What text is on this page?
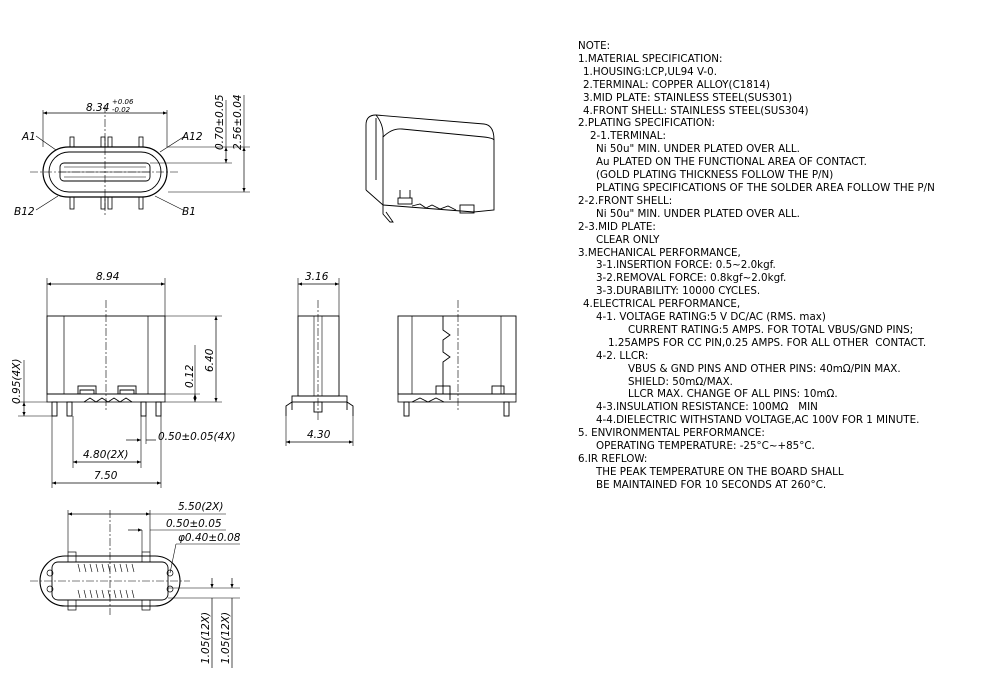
8.34 +0.06
-0.02	0.70±0.05 2.56±0.04
A1	A12
B12	B1
8.94
0.95(4X)	0.12
6.40
4.80(2X)
7.50
0.50±0.05(4X)
3.16
4.30
5.50(2X)
0.50±0.05
φ0.40±0.08
1.05(12X) 1.05(12X)
NOTE:
1.MATERIAL SPECIFICATION:
1.HOUSING:LCP,UL94 V-0.
2.TERMINAL: COPPER ALLOY(C1814)
3.MID PLATE: STAINLESS STEEL(SUS301)
4.FRONT SHELL: STAINLESS STEEL(SUS304)
2.PLATING SPECIFICATION:
2-1.TERMINAL:
Ni 50u" MIN. UNDER PLATED OVER ALL.
Au PLATED ON THE FUNCTIONAL AREA OF CONTACT.
(GOLD PLATING THICKNESS FOLLOW THE P/N)
PLATING SPECIFICATIONS OF THE SOLDER AREA FOLLOW THE P/N
2-2.FRONT SHELL:
Ni 50u" MIN. UNDER PLATED OVER ALL.
2-3.MID PLATE:
CLEAR ONLY
3.MECHANICAL PERFORMANCE,
3-1.INSERTION FORCE: 0.5~2.0kgf.
3-2.REMOVAL FORCE: 0.8kgf~2.0kgf.
3-3.DURABILITY: 10000 CYCLES.
4.ELECTRICAL PERFORMANCE,
4-1. VOLTAGE RATING:5 V DC/AC (RMS. max)
CURRENT RATING:5 AMPS. FOR TOTAL VBUS/GND PINS;
1.25AMPS FOR CC PIN,0.25 AMPS. FOR ALL OTHER  CONTACT.
4-2. LLCR:
VBUS & GND PINS AND OTHER PINS: 40mΩ/PIN MAX.
SHIELD: 50mΩ/MAX.
LLCR MAX. CHANGE OF ALL PINS: 10mΩ.
4-3.INSULATION RESISTANCE: 100MΩ   MIN
4-4.DIELECTRIC WITHSTAND VOLTAGE,AC 100V FOR 1 MINUTE.
5. ENVIRONMENTAL PERFORMANCE:
OPERATING TEMPERATURE: -25°C~+85°C.
6.IR REFLOW:
THE PEAK TEMPERATURE ON THE BOARD SHALL
BE MAINTAINED FOR 10 SECONDS AT 260°C.
